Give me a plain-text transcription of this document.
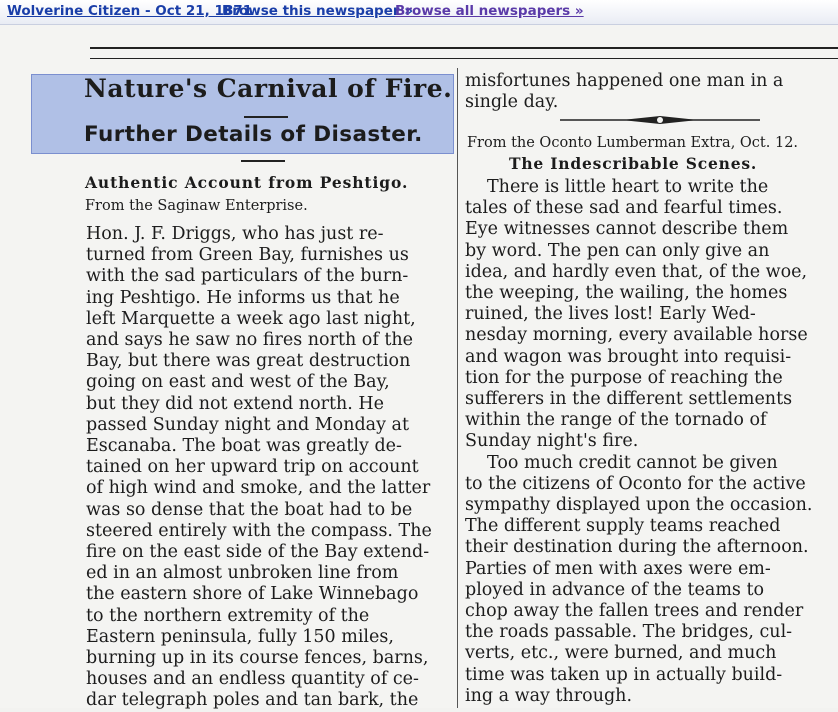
Wolverine Citizen - Oct 21, 1871
Browse this newspaper »
Browse all newspapers »
Nature's Carnival of Fire.
Further Details of Disaster.
Authentic Account from Peshtigo.
From the Saginaw Enterprise.
Hon. J. F. Driggs, who has just re-
turned from Green Bay, furnishes us
with the sad particulars of the burn-
ing Peshtigo. He informs us that he
left Marquette a week ago last night,
and says he saw no fires north of the
Bay, but there was great destruction
going on east and west of the Bay,
but they did not extend north. He
passed Sunday night and Monday at
Escanaba. The boat was greatly de-
tained on her upward trip on account
of high wind and smoke, and the latter
was so dense that the boat had to be
steered entirely with the compass. The
fire on the east side of the Bay extend-
ed in an almost unbroken line from
the eastern shore of Lake Winnebago
to the northern extremity of the
Eastern peninsula, fully 150 miles,
burning up in its course fences, barns,
houses and an endless quantity of ce-
dar telegraph poles and tan bark, the
misfortunes happened one man in a
single day.
From the Oconto Lumberman Extra, Oct. 12.
The Indescribable Scenes.
There is little heart to write the
tales of these sad and fearful times.
Eye witnesses cannot describe them
by word. The pen can only give an
idea, and hardly even that, of the woe,
the weeping, the wailing, the homes
ruined, the lives lost! Early Wed-
nesday morning, every available horse
and wagon was brought into requisi-
tion for the purpose of reaching the
sufferers in the different settlements
within the range of the tornado of
Sunday night's fire.
Too much credit cannot be given
to the citizens of Oconto for the active
sympathy displayed upon the occasion.
The different supply teams reached
their destination during the afternoon.
Parties of men with axes were em-
ployed in advance of the teams to
chop away the fallen trees and render
the roads passable. The bridges, cul-
verts, etc., were burned, and much
time was taken up in actually build-
ing a way through.
